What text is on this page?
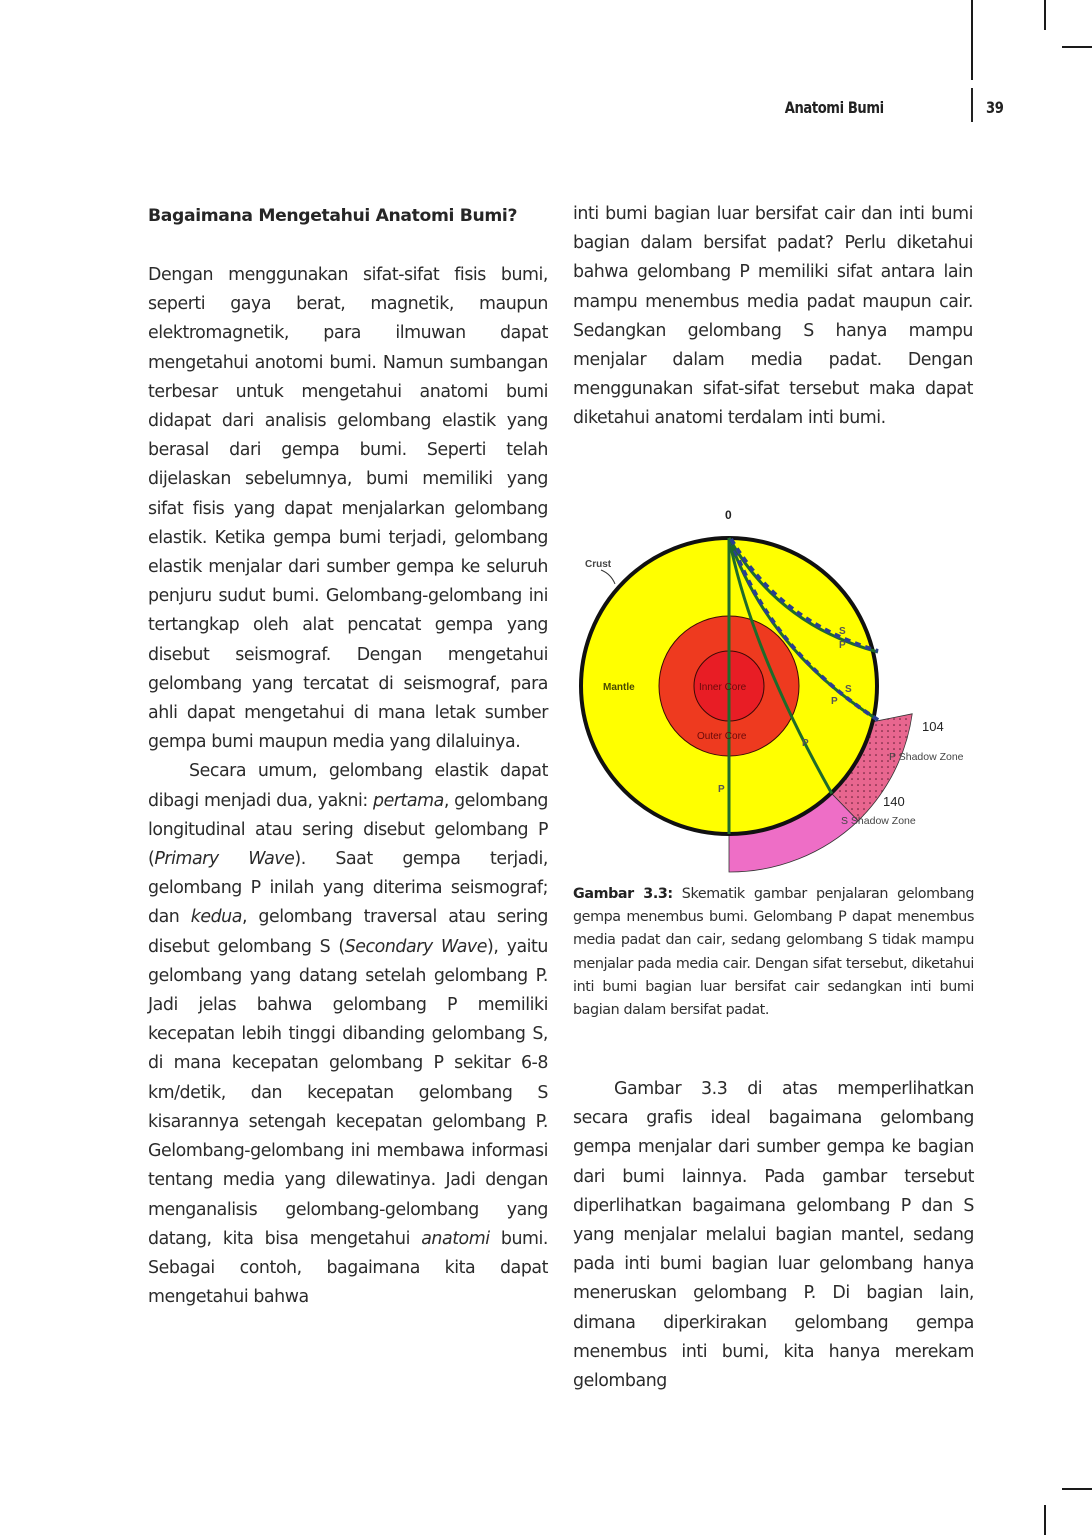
Anatomi Bumi	39
Bagaimana Mengetahui Anatomi Bumi?

Dengan menggunakan sifat-sifat fisis bumi, seperti gaya berat, magnetik, maupun elektromagnetik, para ilmuwan dapat mengetahui anotomi bumi. Namun sumbangan terbesar untuk mengetahui anatomi bumi didapat dari analisis gelombang elastik yang berasal dari gempa bumi. Seperti telah dijelaskan sebelumnya, bumi memiliki yang sifat fisis yang dapat menjalarkan gelombang elastik. Ketika gempa bumi terjadi, gelombang elastik menjalar dari sumber gempa ke seluruh penjuru sudut bumi. Gelombang-gelombang ini tertangkap oleh alat pencatat gempa yang disebut seismograf. Dengan mengetahui gelombang yang tercatat di seismograf, para ahli dapat mengetahui di mana letak sumber gempa bumi maupun media yang dilaluinya.

Secara umum, gelombang elastik dapat dibagi menjadi dua, yakni: pertama, gelombang longitudinal atau sering disebut gelombang P (Primary Wave). Saat gempa terjadi, gelombang P inilah yang diterima seismograf; dan kedua, gelombang traversal atau sering disebut gelombang S (Secondary Wave), yaitu gelombang yang datang setelah gelombang P. Jadi jelas bahwa gelombang P memiliki kecepatan lebih tinggi dibanding gelombang S, di mana kecepatan gelombang P sekitar 6-8 km/detik, dan kecepatan gelombang S kisarannya setengah kecepatan gelombang P. Gelombang-gelombang ini membawa informasi tentang media yang dilewatinya. Jadi dengan menganalisis gelombang-gelombang yang datang, kita bisa mengetahui anatomi bumi. Sebagai contoh, bagaimana kita dapat mengetahui bahwa

inti bumi bagian luar bersifat cair dan inti bumi bagian dalam bersifat padat? Perlu diketahui bahwa gelombang P memiliki sifat antara lain mampu menembus media padat maupun cair. Sedangkan gelombang S hanya mampu menjalar dalam media padat. Dengan menggunakan sifat-sifat tersebut maka dapat diketahui anatomi terdalam inti bumi.

0
Crust
Mantle	Inner Core
Outer Core
P
P
P
S
P
S
104
P Shadow Zone
140
S Shadow Zone
Gambar 3.3: Skematik gambar penjalaran gelombang gempa menembus bumi. Gelombang P dapat menembus media padat dan cair, sedang gelombang S tidak mampu menjalar pada media cair. Dengan sifat tersebut, diketahui inti bumi bagian luar bersifat cair sedangkan inti bumi bagian dalam bersifat padat.

Gambar 3.3 di atas memperlihatkan secara grafis ideal bagaimana gelombang gempa menjalar dari sumber gempa ke bagian dari bumi lainnya. Pada gambar tersebut diperlihatkan bagaimana gelombang P dan S yang menjalar melalui bagian mantel, sedang pada inti bumi bagian luar gelombang hanya meneruskan gelombang P. Di bagian lain, dimana diperkirakan gelombang gempa menembus inti bumi, kita hanya merekam gelombang
